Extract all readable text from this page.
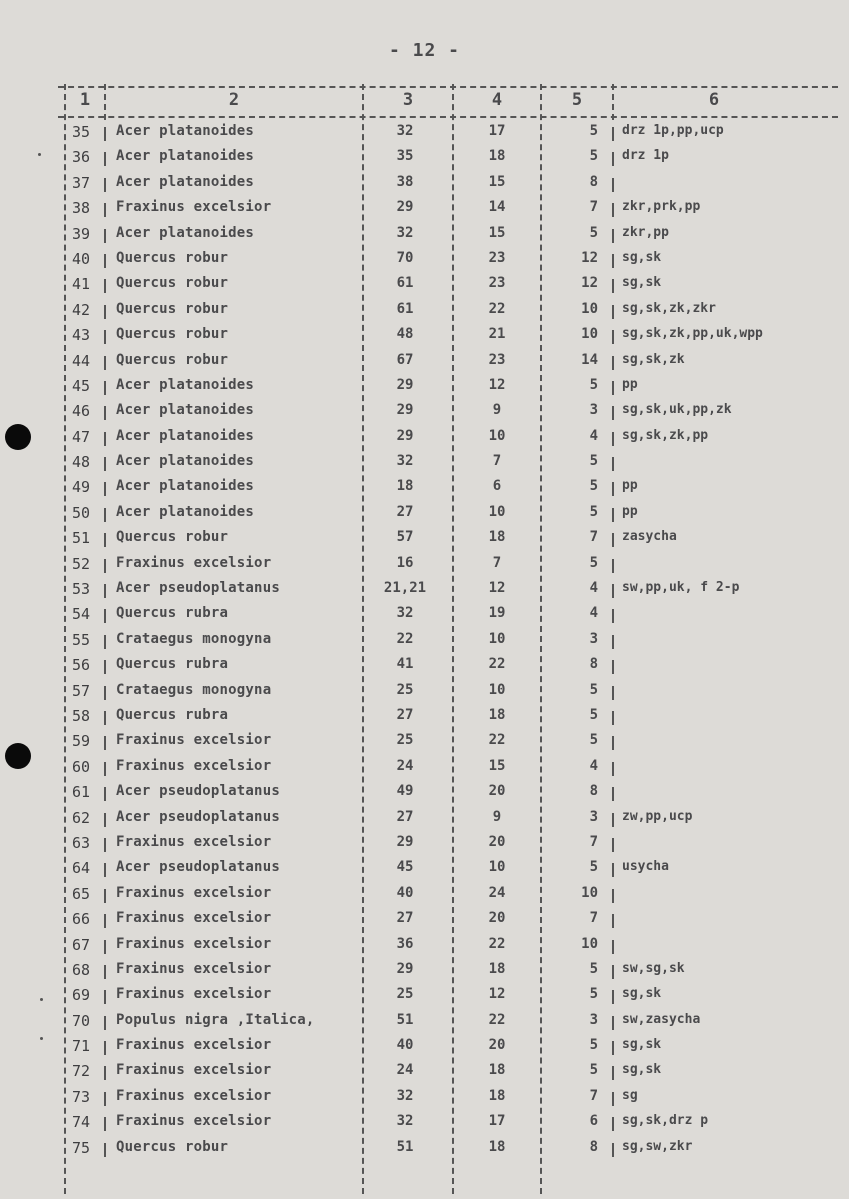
- 12 -
1	2	3	4	5	6
35	Acer platanoides	32	17	5	drz 1p,pp,ucp
36	Acer platanoides	35	18	5	drz 1p
37	Acer platanoides	38	15	8
38	Fraxinus excelsior	29	14	7	zkr,prk,pp
39	Acer platanoides	32	15	5	zkr,pp
40	Quercus robur	70	23	12	sg,sk
41	Quercus robur	61	23	12	sg,sk
42	Quercus robur	61	22	10	sg,sk,zk,zkr
43	Quercus robur	48	21	10	sg,sk,zk,pp,uk,wpp
44	Quercus robur	67	23	14	sg,sk,zk
45	Acer platanoides	29	12	5	pp
46	Acer platanoides	29	9	3	sg,sk,uk,pp,zk
47	Acer platanoides	29	10	4	sg,sk,zk,pp
48	Acer platanoides	32	7	5
49	Acer platanoides	18	6	5	pp
50	Acer platanoides	27	10	5	pp
51	Quercus robur	57	18	7	zasycha
52	Fraxinus excelsior	16	7	5
53	Acer pseudoplatanus	21,21	12	4	sw,pp,uk, f 2-p
54	Quercus rubra	32	19	4
55	Crataegus monogyna	22	10	3
56	Quercus rubra	41	22	8
57	Crataegus monogyna	25	10	5
58	Quercus rubra	27	18	5
59	Fraxinus excelsior	25	22	5
60	Fraxinus excelsior	24	15	4
61	Acer pseudoplatanus	49	20	8
62	Acer pseudoplatanus	27	9	3	zw,pp,ucp
63	Fraxinus excelsior	29	20	7
64	Acer pseudoplatanus	45	10	5	usycha
65	Fraxinus excelsior	40	24	10
66	Fraxinus excelsior	27	20	7
67	Fraxinus excelsior	36	22	10
68	Fraxinus excelsior	29	18	5	sw,sg,sk
69	Fraxinus excelsior	25	12	5	sg,sk
70	Populus nigra ,Italica,	51	22	3	sw,zasycha
71	Fraxinus excelsior	40	20	5	sg,sk
72	Fraxinus excelsior	24	18	5	sg,sk
73	Fraxinus excelsior	32	18	7	sg
74	Fraxinus excelsior	32	17	6	sg,sk,drz p
75	Quercus robur	51	18	8	sg,sw,zkr
